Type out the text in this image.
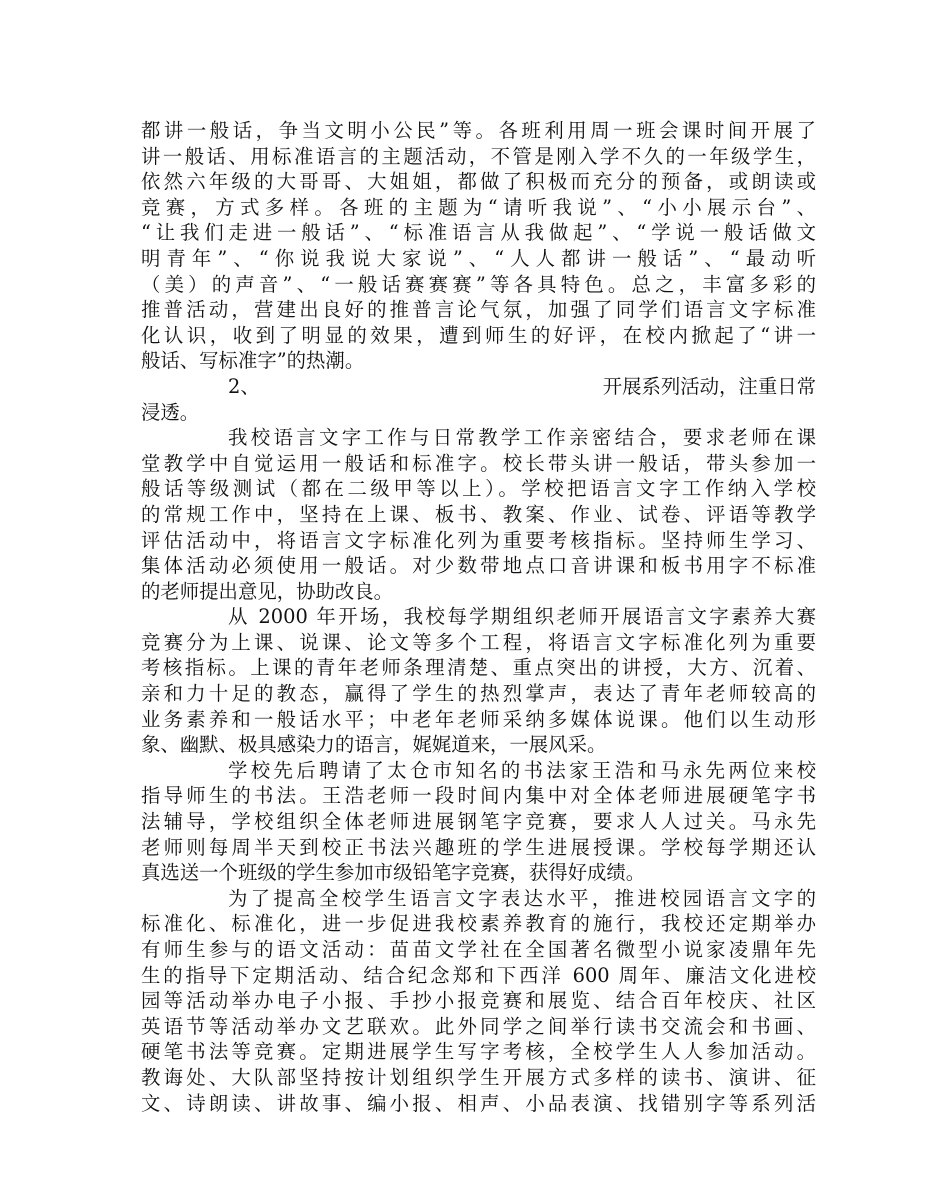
都讲一般话，争当文明小公民”等。各班利用周一班会课时间开展了
讲一般话、用标准语言的主题活动，不管是刚入学不久的一年级学生，
依然六年级的大哥哥、大姐姐，都做了积极而充分的预备，或朗读或
竞赛，方式多样。各班的主题为“请听我说”、“小小展示台”、
“让我们走进一般话”、“标准语言从我做起”、“学说一般话做文
明青年”、“你说我说大家说”、“人人都讲一般话”、“最动听
（美）的声音”、“一般话赛赛赛”等各具特色。总之，丰富多彩的
推普活动，营建出良好的推普言论气氛，加强了同学们语言文字标准
化认识，收到了明显的效果，遭到师生的好评，在校内掀起了“讲一
般话、写标准字”的热潮。
2、	开展系列活动，注重日常
浸透。
我校语言文字工作与日常教学工作亲密结合，要求老师在课
堂教学中自觉运用一般话和标准字。校长带头讲一般话，带头参加一
般话等级测试（都在二级甲等以上）。学校把语言文字工作纳入学校
的常规工作中，坚持在上课、板书、教案、作业、试卷、评语等教学
评估活动中，将语言文字标准化列为重要考核指标。坚持师生学习、
集体活动必须使用一般话。对少数带地点口音讲课和板书用字不标准
的老师提出意见，协助改良。
从 2000 年开场，我校每学期组织老师开展语言文字素养大赛
竞赛分为上课、说课、论文等多个工程，将语言文字标准化列为重要
考核指标。上课的青年老师条理清楚、重点突出的讲授，大方、沉着、
亲和力十足的教态，赢得了学生的热烈掌声，表达了青年老师较高的
业务素养和一般话水平；中老年老师采纳多媒体说课。他们以生动形
象、幽默、极具感染力的语言，娓娓道来，一展风采。
学校先后聘请了太仓市知名的书法家王浩和马永先两位来校
指导师生的书法。王浩老师一段时间内集中对全体老师进展硬笔字书
法辅导，学校组织全体老师进展钢笔字竞赛，要求人人过关。马永先
老师则每周半天到校正书法兴趣班的学生进展授课。学校每学期还认
真选送一个班级的学生参加市级铅笔字竞赛，获得好成绩。
为了提高全校学生语言文字表达水平，推进校园语言文字的
标准化、标准化，进一步促进我校素养教育的施行，我校还定期举办
有师生参与的语文活动：苗苗文学社在全国著名微型小说家凌鼎年先
生的指导下定期活动、结合纪念郑和下西洋 600 周年、廉洁文化进校
园等活动举办电子小报、手抄小报竞赛和展览、结合百年校庆、社区
英语节等活动举办文艺联欢。此外同学之间举行读书交流会和书画、
硬笔书法等竞赛。定期进展学生写字考核，全校学生人人参加活动。
教诲处、大队部坚持按计划组织学生开展方式多样的读书、演讲、征
文、诗朗读、讲故事、编小报、相声、小品表演、找错别字等系列活
